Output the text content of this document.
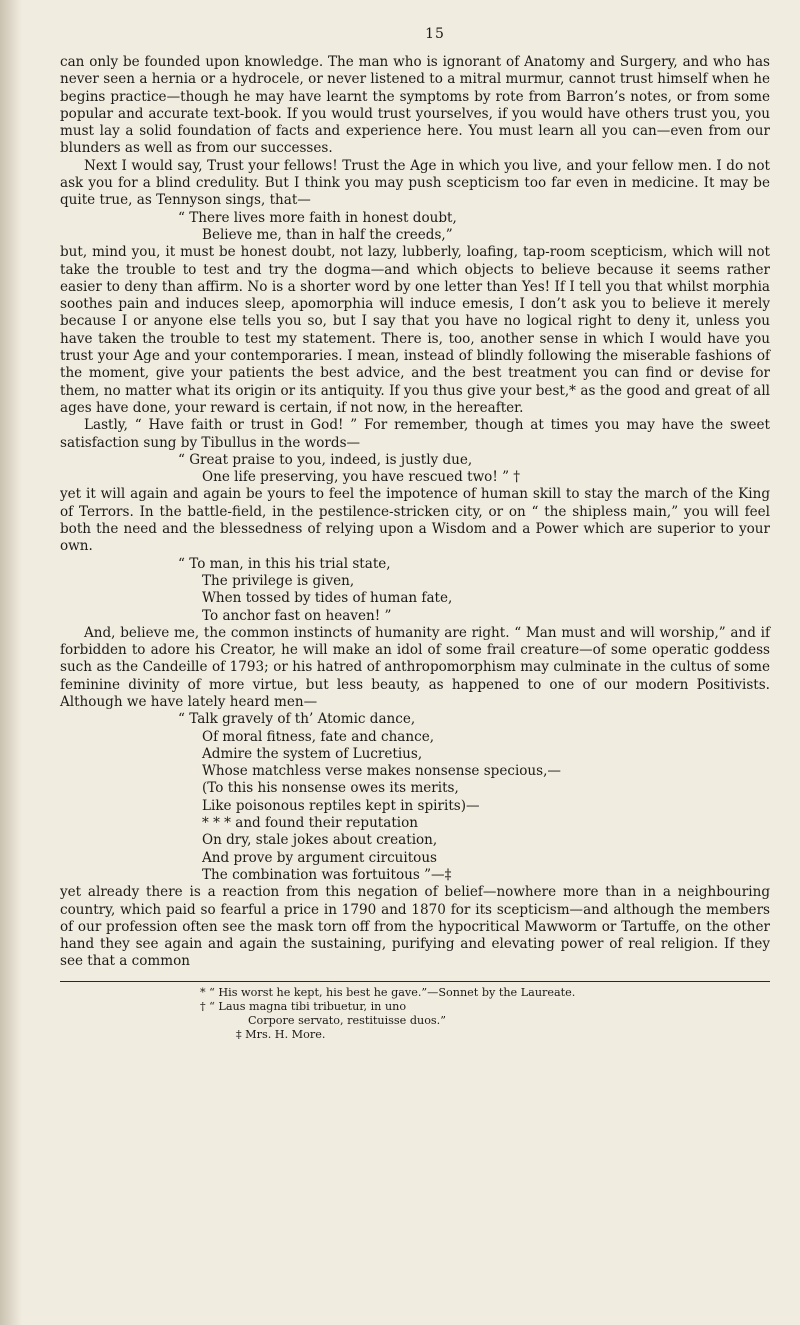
15

can only be founded upon knowledge. The man who is ignorant of Anatomy and Surgery, and who has never seen a hernia or a hydrocele, or never listened to a mitral murmur, cannot trust himself when he begins practice—though he may have learnt the symptoms by rote from Barron’s notes, or from some popular and accurate text-book. If you would trust yourselves, if you would have others trust you, you must lay a solid foundation of facts and experience here. You must learn all you can—even from our blunders as well as from our successes.

Next I would say, Trust your fellows! Trust the Age in which you live, and your fellow men. I do not ask you for a blind credulity. But I think you may push scepticism too far even in medicine. It may be quite true, as Tennyson sings, that—

“ There lives more faith in honest doubt,
Believe me, than in half the creeds,”

but, mind you, it must be honest doubt, not lazy, lubberly, loafing, tap-room scepticism, which will not take the trouble to test and try the dogma—and which objects to believe because it seems rather easier to deny than affirm. No is a shorter word by one letter than Yes! If I tell you that whilst morphia soothes pain and induces sleep, apomorphia will induce emesis, I don’t ask you to believe it merely because I or anyone else tells you so, but I say that you have no logical right to deny it, unless you have taken the trouble to test my statement. There is, too, another sense in which I would have you trust your Age and your contemporaries. I mean, instead of blindly following the miserable fashions of the moment, give your patients the best advice, and the best treatment you can find or devise for them, no matter what its origin or its antiquity. If you thus give your best,* as the good and great of all ages have done, your reward is certain, if not now, in the hereafter.

Lastly, “ Have faith or trust in God! ” For remember, though at times you may have the sweet satisfaction sung by Tibullus in the words—

“ Great praise to you, indeed, is justly due,
One life preserving, you have rescued two! ” †

yet it will again and again be yours to feel the impotence of human skill to stay the march of the King of Terrors. In the battle-field, in the pestilence-stricken city, or on “ the shipless main,” you will feel both the need and the blessedness of relying upon a Wisdom and a Power which are superior to your own.

“ To man, in this his trial state,
The privilege is given,
When tossed by tides of human fate,
To anchor fast on heaven! ”

And, believe me, the common instincts of humanity are right. “ Man must and will worship,” and if forbidden to adore his Creator, he will make an idol of some frail creature—of some operatic goddess such as the Candeille of 1793; or his hatred of anthropomorphism may culminate in the cultus of some feminine divinity of more virtue, but less beauty, as happened to one of our modern Positivists. Although we have lately heard men—

“ Talk gravely of th’ Atomic dance,
Of moral fitness, fate and chance,
Admire the system of Lucretius,
Whose matchless verse makes nonsense specious,—
(To this his nonsense owes its merits,
Like poisonous reptiles kept in spirits)—
* * * and found their reputation
On dry, stale jokes about creation,
And prove by argument circuitous
The combination was fortuitous ”—‡

yet already there is a reaction from this negation of belief—nowhere more than in a neighbouring country, which paid so fearful a price in 1790 and 1870 for its scepticism—and although the members of our profession often see the mask torn off from the hypocritical Mawworm or Tartuffe, on the other hand they see again and again the sustaining, purifying and elevating power of real religion. If they see that a common

* “ His worst he kept, his best he gave.”—Sonnet by the Laureate.
† “ Laus magna tibi tribuetur, in uno
Corpore servato, restituisse duos.”
‡ Mrs. H. More.
